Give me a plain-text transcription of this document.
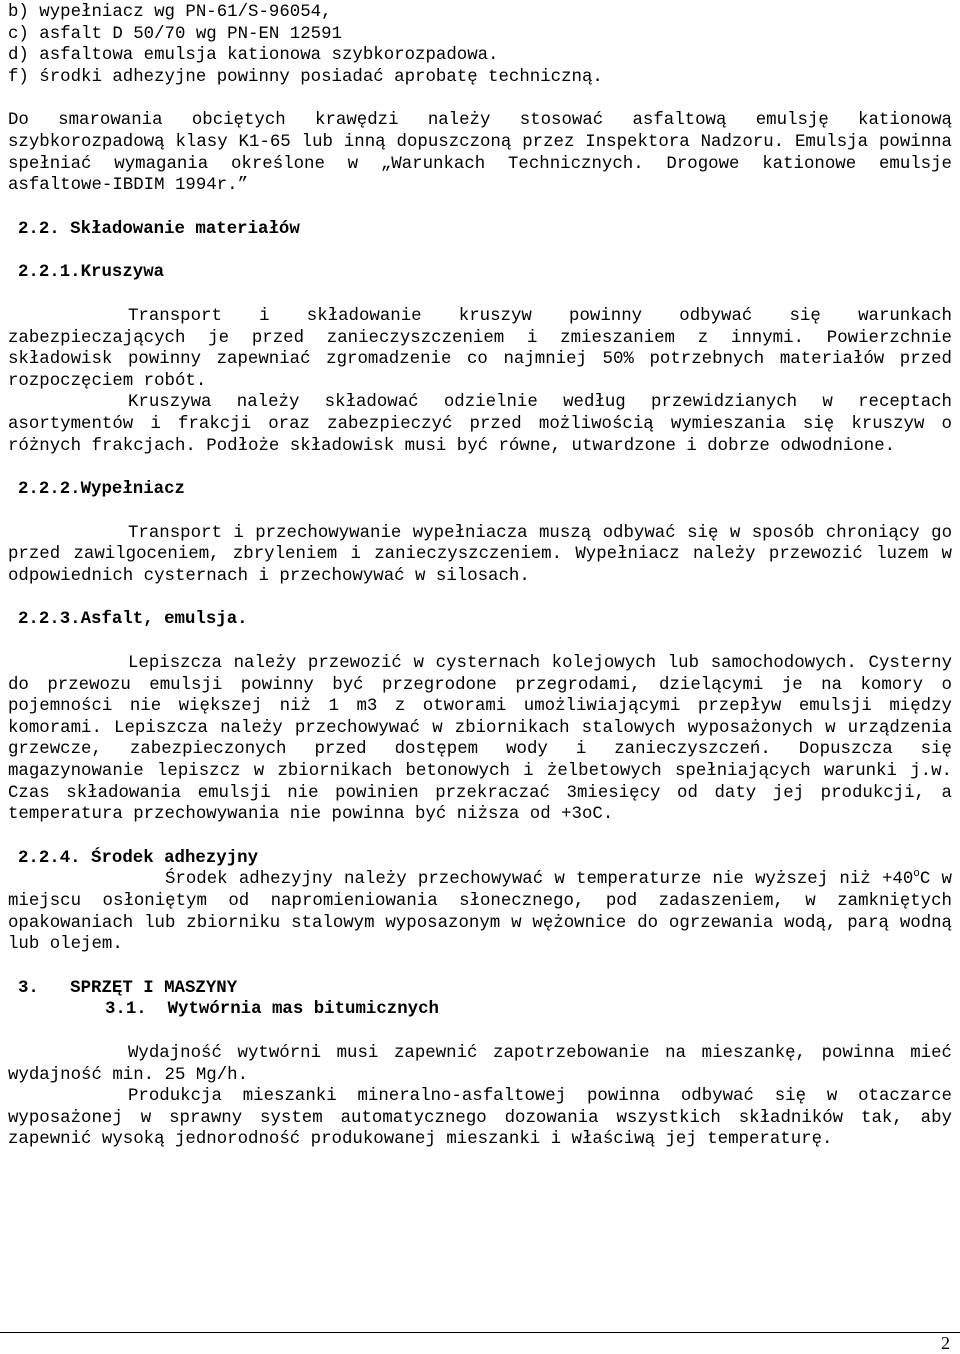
b) wypełniacz wg PN-61/S-96054,
c) asfalt D 50/70 wg PN-EN 12591
d) asfaltowa emulsja kationowa szybkorozpadowa.
f) środki adhezyjne powinny posiadać aprobatę techniczną.

Do smarowania obciętych krawędzi należy stosować asfaltową emulsję kationową szybkorozpadową klasy K1-65 lub inną dopuszczoną przez Inspektora Nadzoru. Emulsja powinna spełniać wymagania określone w „Warunkach Technicznych. Drogowe kationowe emulsje asfaltowe-IBDIM 1994r.”

2.2. Składowanie materiałów
2.2.1.Kruszywa

Transport i składowanie kruszyw powinny odbywać się warunkach zabezpieczających je przed zanieczyszczeniem i zmieszaniem z innymi. Powierzchnie składowisk powinny zapewniać zgromadzenie co najmniej 50% potrzebnych materiałów przed rozpoczęciem robót.

Kruszywa należy składować odzielnie według przewidzianych w receptach asortymentów i frakcji oraz zabezpieczyć przed możliwością wymieszania się kruszyw o różnych frakcjach. Podłoże składowisk musi być równe, utwardzone i dobrze odwodnione.

2.2.2.Wypełniacz

Transport i przechowywanie wypełniacza muszą odbywać się w sposób chroniący go przed zawilgoceniem, zbryleniem i zanieczyszczeniem. Wypełniacz należy przewozić luzem w odpowiednich cysternach i przechowywać w silosach.

2.2.3.Asfalt, emulsja.

Lepiszcza należy przewozić w cysternach kolejowych lub samochodowych. Cysterny do przewozu emulsji powinny być przegrodone przegrodami, dzielącymi je na komory o pojemności nie większej niż 1 m3 z otworami umożliwiającymi przepływ emulsji między komorami. Lepiszcza należy przechowywać w zbiornikach stalowych wyposażonych w urządzenia grzewcze, zabezpieczonych przed dostępem wody i zanieczyszczeń. Dopuszcza się magazynowanie lepiszcz w zbiornikach betonowych i żelbetowych spełniających warunki j.w. Czas składowania emulsji nie powinien przekraczać 3miesięcy od daty jej produkcji, a temperatura przechowywania nie powinna być niższa od +3oC.

2.2.4. Środek adhezyjny

Środek adhezyjny należy przechowywać w temperaturze nie wyższej niż $+40^oC$ w miejscu osłoniętym od napromieniowania słonecznego, pod zadaszeniem, w zamkniętych opakowaniach lub zbiorniku stalowym wyposazonym w wężownice do ogrzewania wodą, parą wodną lub olejem.

3.   SPRZĘT I MASZYNY
3.1.  Wytwórnia mas bitumicznych

Wydajność wytwórni musi zapewnić zapotrzebowanie na mieszankę, powinna mieć wydajność min. 25 Mg/h.

Produkcja mieszanki mineralno-asfaltowej powinna odbywać się w otaczarce wyposażonej w sprawny system automatycznego dozowania wszystkich składników tak, aby zapewnić wysoką jednorodność produkowanej mieszanki i właściwą jej temperaturę.

2
